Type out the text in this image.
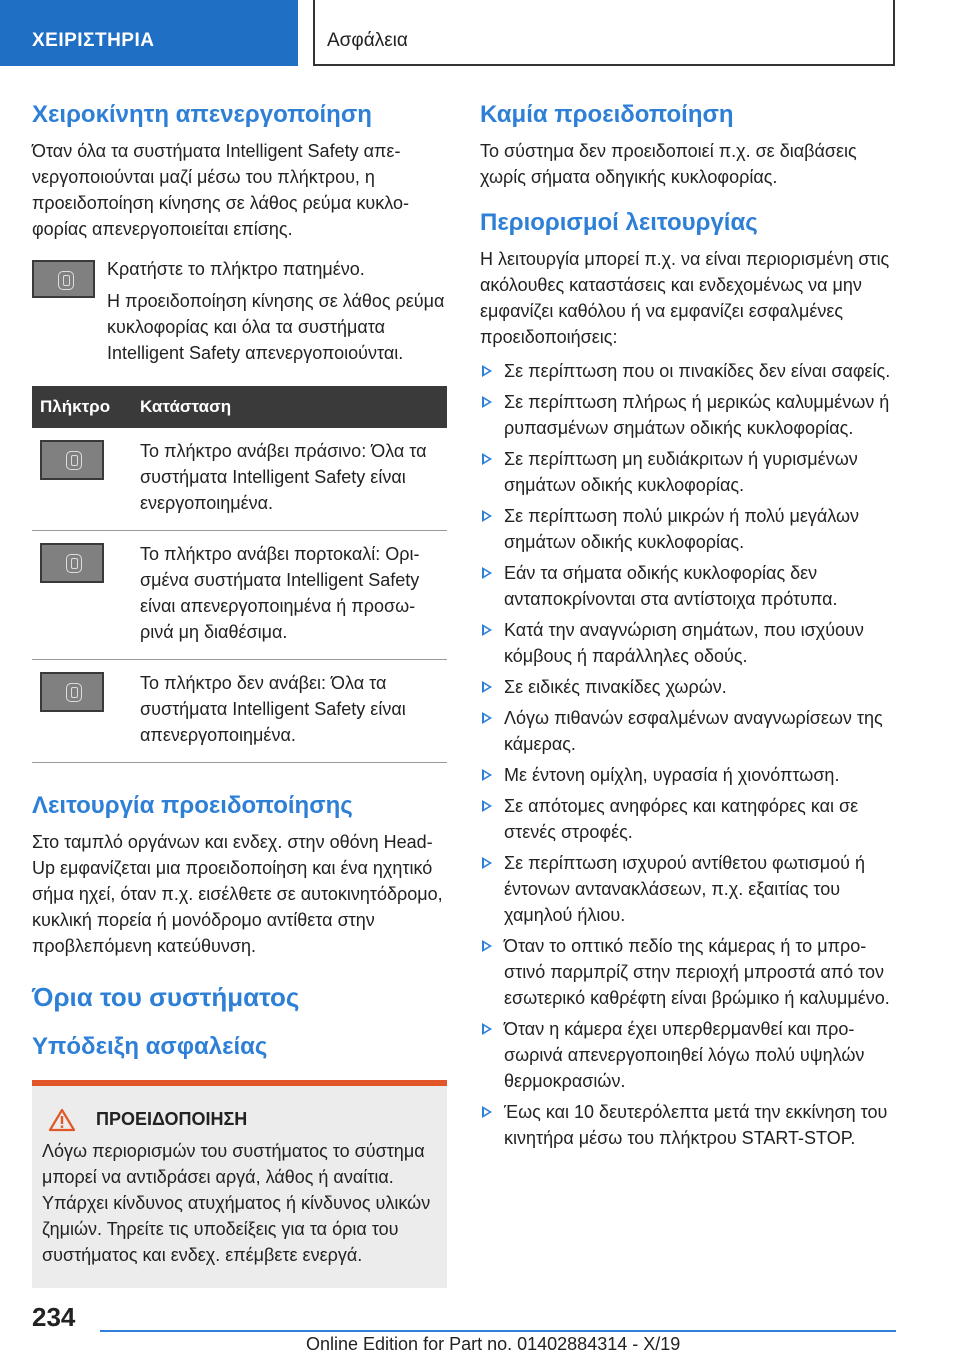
ΧΕΙΡΙΣΤΗΡΙΑ	Ασφάλεια
Χειροκίνητη απενεργοποίηση

Όταν όλα τα συστήματα Intelligent Safety απενεργοποιούνται μαζί μέσω του πλήκτρου, η προειδοποίηση κίνησης σε λάθος ρεύμα κυκλοφορίας απενεργοποιείται επίσης.

Κρατήστε το πλήκτρο πατημένο.

Η προειδοποίηση κίνησης σε λάθος ρεύμα κυκλοφορίας και όλα τα συστήματα Intelligent Safety απενεργοποιούνται.

Πλήκτρο	Κατάσταση

	Το πλήκτρο ανάβει πράσινο: Όλα τα συστήματα Intelligent Safety είναι ενεργοποιημένα.

	Το πλήκτρο ανάβει πορτοκαλί: Ορισμένα συστήματα Intelligent Safety είναι απενεργοποιημένα ή προσωρινά μη διαθέσιμα.

	Το πλήκτρο δεν ανάβει: Όλα τα συστήματα Intelligent Safety είναι απενεργοποιημένα.
Λειτουργία προειδοποίησης

Στο ταμπλό οργάνων και ενδεχ. στην οθόνη Head-Up εμφανίζεται μια προειδοποίηση και ένα ηχητικό σήμα ηχεί, όταν π.χ. εισέλθετε σε αυτοκινητόδρομο, κυκλική πορεία ή μονόδρομο αντίθετα στην προβλεπόμενη κατεύθυνση.

Όρια του συστήματος
Υπόδειξη ασφαλείας
ΠΡΟΕΙΔΟΠΟΙΗΣΗ

Λόγω περιορισμών του συστήματος το σύστημα μπορεί να αντιδράσει αργά, λάθος ή αναίτια. Υπάρχει κίνδυνος ατυχήματος ή κίνδυνος υλικών ζημιών. Τηρείτε τις υποδείξεις για τα όρια του συστήματος και ενδεχ. επέμβετε ενεργά.

Καμία προειδοποίηση

Το σύστημα δεν προειδοποιεί π.χ. σε διαβάσεις χωρίς σήματα οδηγικής κυκλοφορίας.

Περιορισμοί λειτουργίας

Η λειτουργία μπορεί π.χ. να είναι περιορισμένη στις ακόλουθες καταστάσεις και ενδεχομένως να μην εμφανίζει καθόλου ή να εμφανίζει εσφαλμένες προειδοποιήσεις:

Σε περίπτωση που οι πινακίδες δεν είναι σαφείς.
Σε περίπτωση πλήρως ή μερικώς καλυμμένων ή ρυπασμένων σημάτων οδικής κυκλοφορίας.
Σε περίπτωση μη ευδιάκριτων ή γυρισμένων σημάτων οδικής κυκλοφορίας.
Σε περίπτωση πολύ μικρών ή πολύ μεγάλων σημάτων οδικής κυκλοφορίας.
Εάν τα σήματα οδικής κυκλοφορίας δεν ανταποκρίνονται στα αντίστοιχα πρότυπα.
Κατά την αναγνώριση σημάτων, που ισχύουν κόμβους ή παράλληλες οδούς.
Σε ειδικές πινακίδες χωρών.
Λόγω πιθανών εσφαλμένων αναγνωρίσεων της κάμερας.
Με έντονη ομίχλη, υγρασία ή χιονόπτωση.
Σε απότομες ανηφόρες και κατηφόρες και σε στενές στροφές.
Σε περίπτωση ισχυρού αντίθετου φωτισμού ή έντονων αντανακλάσεων, π.χ. εξαιτίας του χαμηλού ήλιου.
Όταν το οπτικό πεδίο της κάμερας ή το μπροστινό παρμπρίζ στην περιοχή μπροστά από τον εσωτερικό καθρέφτη είναι βρώμικο ή καλυμμένο.
Όταν η κάμερα έχει υπερθερμανθεί και προσωρινά απενεργοποιηθεί λόγω πολύ υψηλών θερμοκρασιών.
Έως και 10 δευτερόλεπτα μετά την εκκίνηση του κινητήρα μέσω του πλήκτρου START-STOP.
234
Online Edition for Part no. 01402884314 - X/19
